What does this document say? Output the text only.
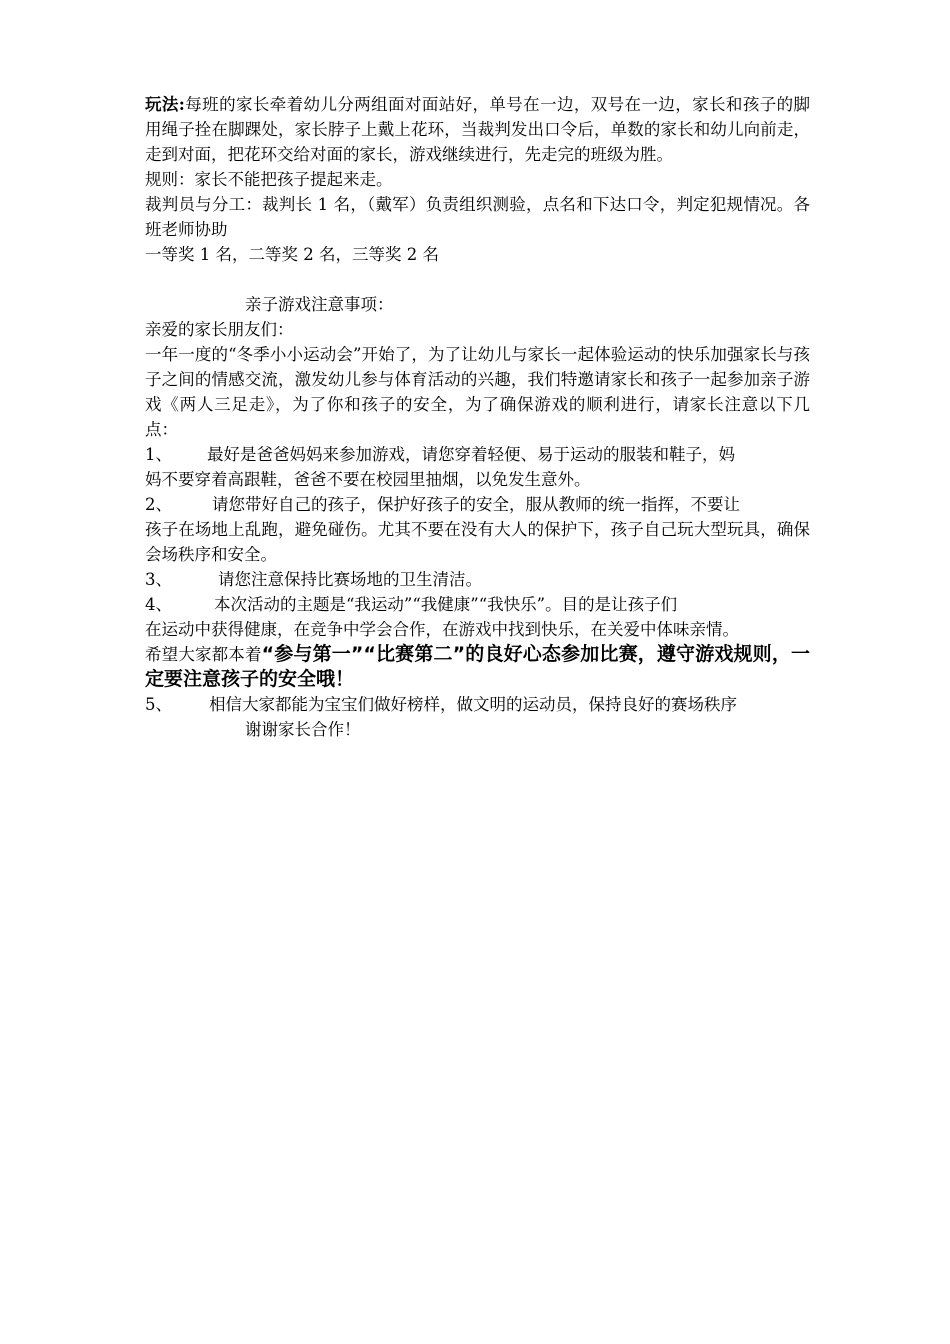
玩法:每班的家长牵着幼儿分两组面对面站好，单号在一边，双号在一边，家长和孩子的脚用绳子拴在脚踝处，家长脖子上戴上花环，当裁判发出口令后，单数的家长和幼儿向前走，走到对面，把花环交给对面的家长，游戏继续进行，先走完的班级为胜。

规则：家长不能把孩子提起来走。

裁判员与分工：裁判长 1 名，（戴军）负责组织测验，点名和下达口令，判定犯规情况。各班老师协助

一等奖 1 名，二等奖 2 名，三等奖 2 名

亲子游戏注意事项：

亲爱的家长朋友们：

一年一度的“冬季小小运动会”开始了，为了让幼儿与家长一起体验运动的快乐加强家长与孩子之间的情感交流，激发幼儿参与体育活动的兴趣，我们特邀请家长和孩子一起参加亲子游戏《两人三足走》，为了你和孩子的安全，为了确保游戏的顺利进行，请家长注意以下几点：

1、	最好是爸爸妈妈来参加游戏，请您穿着轻便、易于运动的服装和鞋子，妈

妈不要穿着高跟鞋，爸爸不要在校园里抽烟，以免发生意外。

2、	请您带好自己的孩子，保护好孩子的安全，服从教师的统一指挥，不要让

孩子在场地上乱跑，避免碰伤。尤其不要在没有大人的保护下，孩子自己玩大型玩具，确保会场秩序和安全。

3、	请您注意保持比赛场地的卫生清洁。
4、	本次活动的主题是“我运动”“我健康”“我快乐”。目的是让孩子们

在运动中获得健康，在竞争中学会合作，在游戏中找到快乐，在关爱中体味亲情。

希望大家都本着“参与第一”“比赛第二”的良好心态参加比赛，遵守游戏规则，一定要注意孩子的安全哦！

5、	相信大家都能为宝宝们做好榜样，做文明的运动员，保持良好的赛场秩序

谢谢家长合作！
